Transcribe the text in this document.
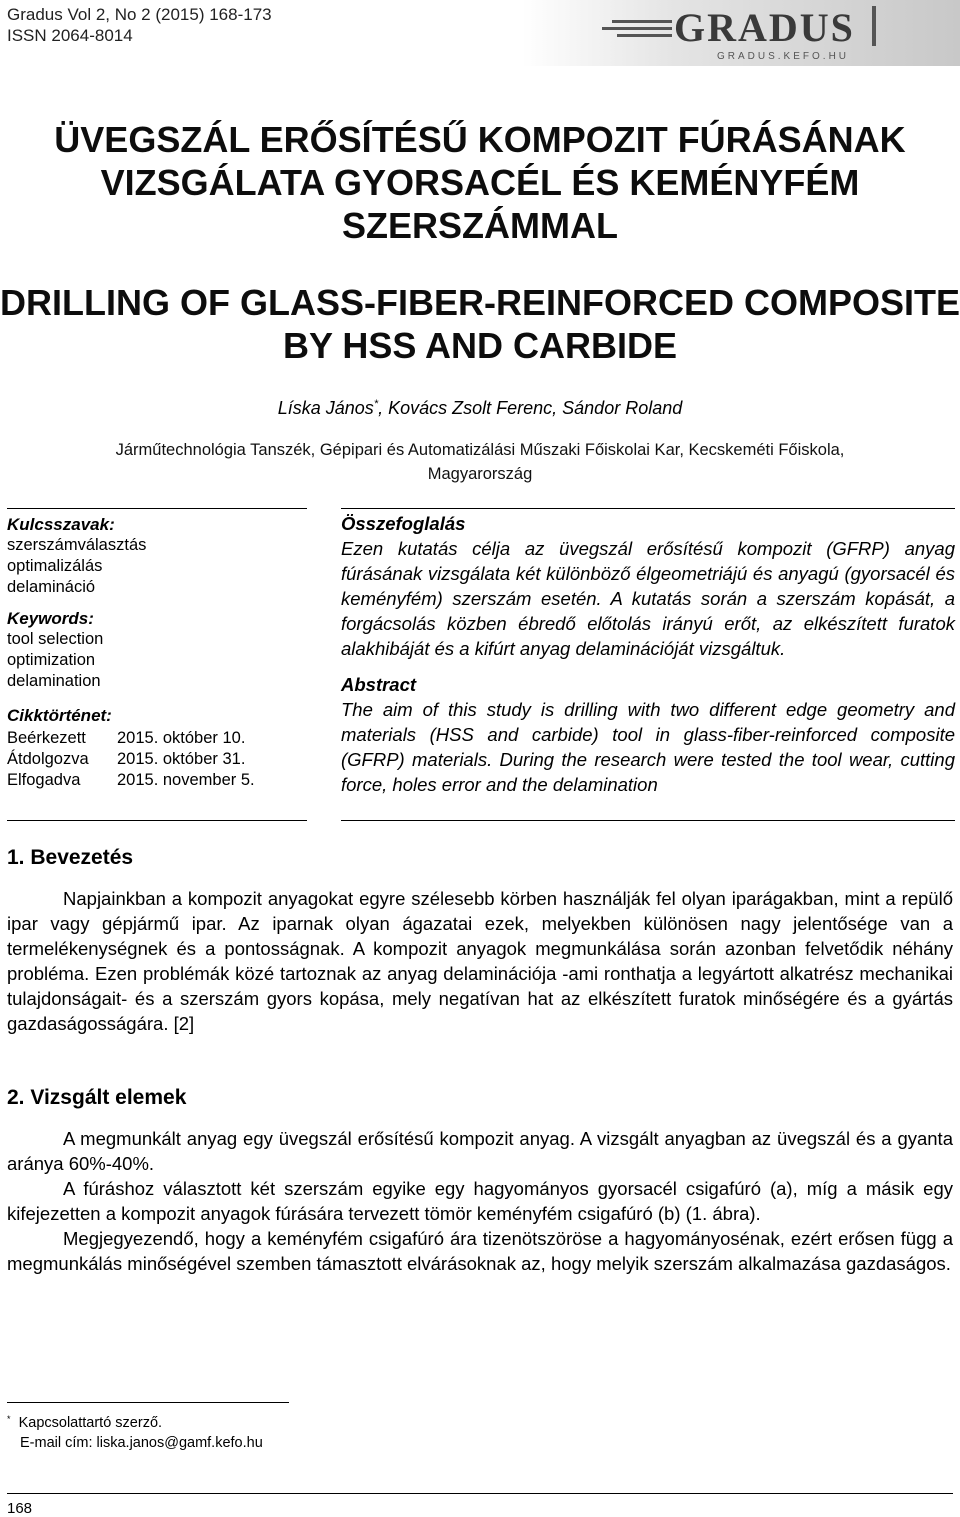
Gradus Vol 2, No 2 (2015) 168-173
ISSN 2064-8014	GRADUS
GRADUS.KEFO.HU
ÜVEGSZÁL ERŐSÍTÉSŰ KOMPOZIT FÚRÁSÁNAK
VIZSGÁLATA GYORSACÉL ÉS KEMÉNYFÉM
SZERSZÁMMAL
DRILLING OF GLASS-FIBER-REINFORCED COMPOSITE
BY HSS AND CARBIDE
Líska János*, Kovács Zsolt Ferenc, Sándor Roland
Járműtechnológia Tanszék, Gépipari és Automatizálási Műszaki Főiskolai Kar, Kecskeméti Főiskola,
Magyarország
Kulcsszavak:
szerszámválasztás
optimalizálás
delamináció
Keywords:
tool selection
optimization
delamination
Cikktörténet:
Beérkezett	2015. október 10.
Átdolgozva	2015. október 31.
Elfogadva	2015. november 5.
Összefoglalás
Ezen kutatás célja az üvegszál erősítésű kompozit (GFRP) anyag fúrásának vizsgálata két különböző élgeometriájú és anyagú (gyorsacél és keményfém) szerszám esetén. A kutatás során a szerszám kopását, a forgácsolás közben ébredő előtolás irányú erőt, az elkészített furatok alakhibáját és a kifúrt anyag delaminációját vizsgáltuk.
Abstract
The aim of this study is drilling with two different edge geometry and materials (HSS and carbide) tool in glass-fiber-reinforced composite (GFRP) materials. During the research were tested the tool wear, cutting force, holes error and the delamination
1. Bevezetés

Napjainkban a kompozit anyagokat egyre szélesebb körben használják fel olyan iparágakban, mint a repülő ipar vagy gépjármű ipar. Az iparnak olyan ágazatai ezek, melyekben különösen nagy jelentősége van a termelékenységnek és a pontosságnak. A kompozit anyagok megmunkálása során azonban felvetődik néhány probléma. Ezen problémák közé tartoznak az anyag delaminációja -ami ronthatja a legyártott alkatrész mechanikai tulajdonságait- és a szerszám gyors kopása, mely negatívan hat az elkészített furatok minőségére és a gyártás gazdaságosságára. [2]

2. Vizsgált elemek

A megmunkált anyag egy üvegszál erősítésű kompozit anyag. A vizsgált anyagban az üvegszál és a gyanta aránya 60%-40%.

A fúráshoz választott két szerszám egyike egy hagyományos gyorsacél csigafúró (a), míg a másik egy kifejezetten a kompozit anyagok fúrására tervezett tömör keményfém csigafúró (b) (1. ábra).

Megjegyezendő, hogy a keményfém csigafúró ára tizenötszöröse a hagyományosénak, ezért erősen függ a megmunkálás minőségével szemben támasztott elvárásoknak az, hogy melyik szerszám alkalmazása gazdaságos.

* Kapcsolattartó szerző.
E-mail cím: liska.janos@gamf.kefo.hu
168
